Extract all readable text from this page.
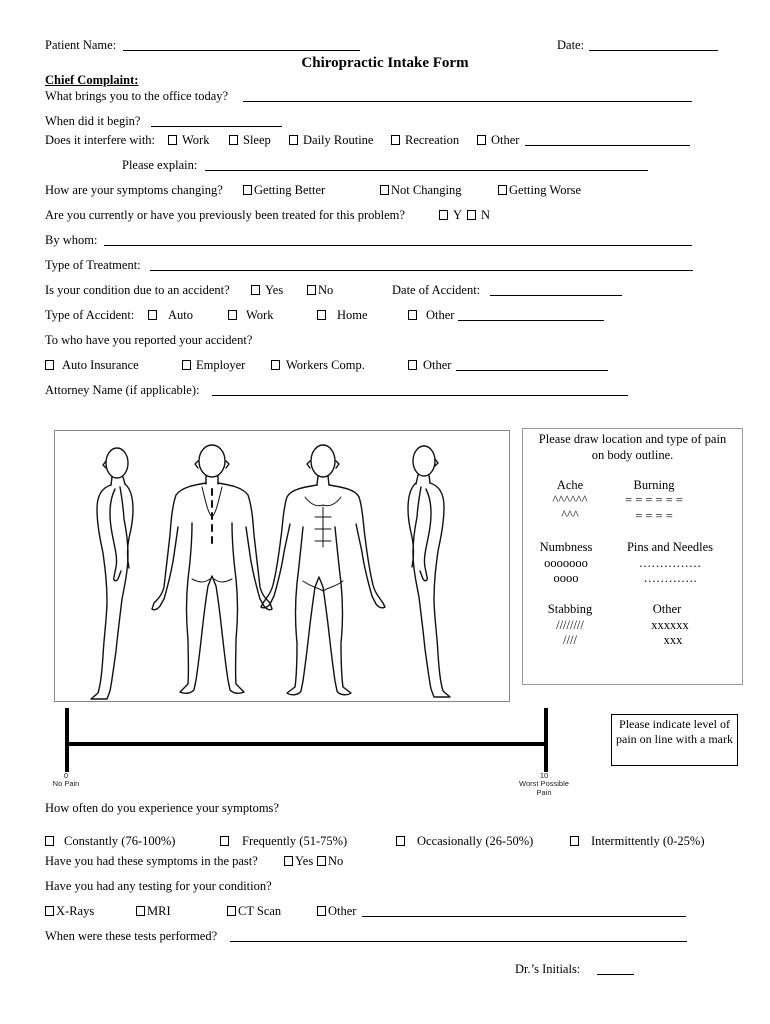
Patient Name:	Date:
Chiropractic Intake Form
Chief Complaint:
What brings you to the office today?
When did it begin?
Does it interfere with:	Work	Sleep	Daily Routine	Recreation	Other
Please explain:
How are your symptoms changing?	Getting Better	Not Changing	Getting Worse
Are you currently or have you previously been treated for this problem?	Y	N
By whom:
Type of Treatment:
Is your condition due to an accident?	Yes	No	Date of Accident:
Type of Accident:	Auto	Work	Home	Other
To who have you reported your accident?
Auto Insurance	Employer	Workers Comp.	Other
Attorney Name (if applicable):
Please draw location and type of pain on body outline.
Ache
^^^^^^
^^^
Burning
= = = = = =
= = = =
Numbness
ooooooo
oooo
Pins and Needles
……………
………….
Stabbing
////////
////
Other
xxxxxx
xxx
0
No Pain
10
Worst Possible
Pain
Please indicate level of pain on line with a mark
How often do you experience your symptoms?
Constantly (76-100%)	Frequently (51-75%)	Occasionally (26-50%)	Intermittently (0-25%)
Have you had these symptoms in the past?	Yes	No
Have you had any testing for your condition?
X-Rays	MRI	CT Scan	Other
When were these tests performed?
Dr.’s Initials:
